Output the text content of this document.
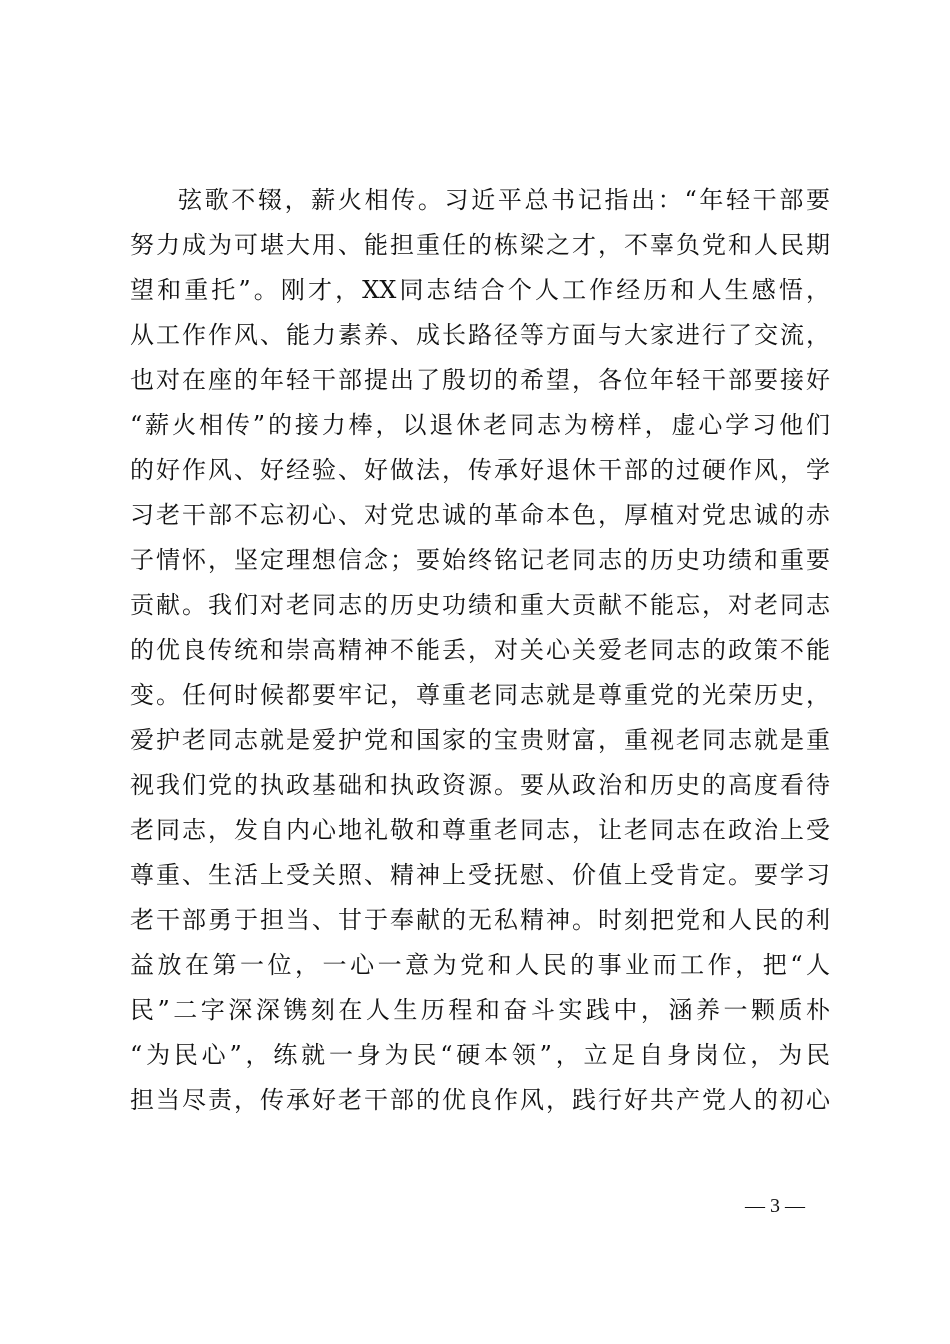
弦歌不辍，薪火相传。习近平总书记指出：“年轻干部要
努力成为可堪大用、能担重任的栋梁之才，不辜负党和人民期
望和重托”。刚才，XX同志结合个人工作经历和人生感悟，
从工作作风、能力素养、成长路径等方面与大家进行了交流，
也对在座的年轻干部提出了殷切的希望，各位年轻干部要接好
“薪火相传”的接力棒，以退休老同志为榜样，虚心学习他们
的好作风、好经验、好做法，传承好退休干部的过硬作风，学
习老干部不忘初心、对党忠诚的革命本色，厚植对党忠诚的赤
子情怀，坚定理想信念；要始终铭记老同志的历史功绩和重要
贡献。我们对老同志的历史功绩和重大贡献不能忘，对老同志
的优良传统和崇高精神不能丢，对关心关爱老同志的政策不能
变。任何时候都要牢记，尊重老同志就是尊重党的光荣历史，
爱护老同志就是爱护党和国家的宝贵财富，重视老同志就是重
视我们党的执政基础和执政资源。要从政治和历史的高度看待
老同志，发自内心地礼敬和尊重老同志，让老同志在政治上受
尊重、生活上受关照、精神上受抚慰、价值上受肯定。要学习
老干部勇于担当、甘于奉献的无私精神。时刻把党和人民的利
益放在第一位，一心一意为党和人民的事业而工作，把“人
民”二字深深镌刻在人生历程和奋斗实践中，涵养一颗质朴
“为民心”，练就一身为民“硬本领”，立足自身岗位，为民
担当尽责，传承好老干部的优良作风，践行好共产党人的初心
— 3 —
